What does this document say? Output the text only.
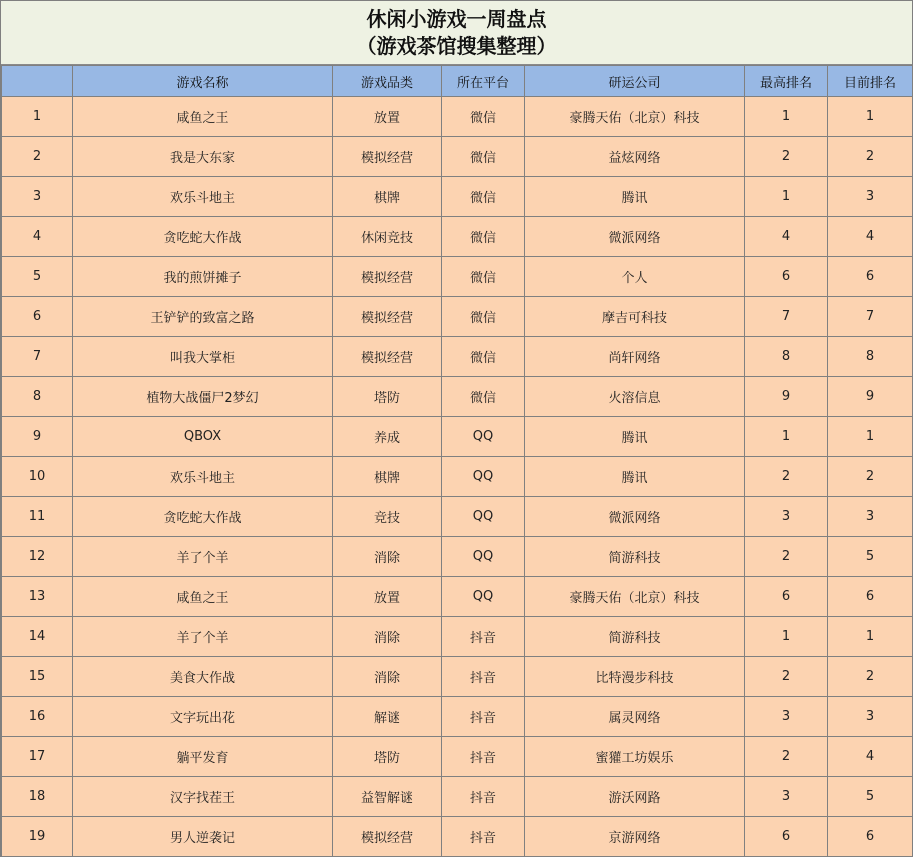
休闲小游戏一周盘点
（游戏茶馆搜集整理）
	游戏名称	游戏品类	所在平台	研运公司	最高排名	目前排名
1	咸鱼之王	放置	微信	豪腾天佑（北京）科技	1	1
2	我是大东家	模拟经营	微信	益炫网络	2	2
3	欢乐斗地主	棋牌	微信	腾讯	1	3
4	贪吃蛇大作战	休闲竞技	微信	微派网络	4	4
5	我的煎饼摊子	模拟经营	微信	个人	6	6
6	王铲铲的致富之路	模拟经营	微信	摩吉可科技	7	7
7	叫我大掌柜	模拟经营	微信	尚轩网络	8	8
8	植物大战僵尸2梦幻	塔防	微信	火溶信息	9	9
9	QBOX	养成	QQ	腾讯	1	1
10	欢乐斗地主	棋牌	QQ	腾讯	2	2
11	贪吃蛇大作战	竞技	QQ	微派网络	3	3
12	羊了个羊	消除	QQ	简游科技	2	5
13	咸鱼之王	放置	QQ	豪腾天佑（北京）科技	6	6
14	羊了个羊	消除	抖音	简游科技	1	1
15	美食大作战	消除	抖音	比特漫步科技	2	2
16	文字玩出花	解谜	抖音	属灵网络	3	3
17	躺平发育	塔防	抖音	蜜獾工坊娱乐	2	4
18	汉字找茬王	益智解谜	抖音	游沃网路	3	5
19	男人逆袭记	模拟经营	抖音	京游网络	6	6
